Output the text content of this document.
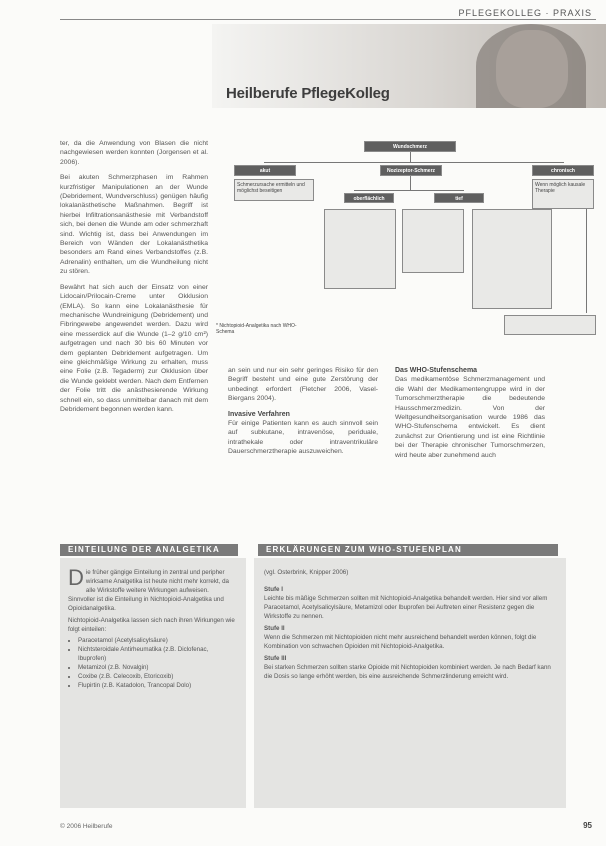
PFLEGEKOLLEG · PRAXIS
Heilberufe PflegeKolleg

ter, da die Anwendung von Blasen die nicht nachgewiesen werden konnten (Jorgensen et al. 2006).

Bei akuten Schmerzphasen im Rahmen kurzfristiger Manipulationen an der Wunde (Debridement, Wundverschluss) genügen häufig lokalanästhetische Maßnahmen. Begriff ist hierbei Infiltrationsanästhesie mit Verbandstoff sich, bei denen die Wunde am oder schmerzhaft sind. Wichtig ist, dass bei Anwendungen im Bereich von Wänden der Lokalanästhetika besonders am Rand eines Verbandstoffes (z.B. Adrenalin) enthalten, um die Wundheilung nicht zu stören.

Bewährt hat sich auch der Einsatz von einer Lidocain/Prilocain-Creme unter Okklusion (EMLA). So kann eine Lokalanästhesie für mechanische Wundreinigung (Debridement) und Fibringewebe angewendet werden. Dazu wird eine messerdick auf die Wunde (1–2 g/10 cm²) aufgetragen und nach 30 bis 60 Minuten vor dem geplanten Debridement aufgetragen. Um eine gleichmäßige Wirkung zu erhalten, muss eine Folie (z.B. Tegaderm) zur Okklusion über die Wunde geklebt werden. Nach dem Entfernen der Folie tritt die anästhesierende Wirkung schnell ein, so dass unmittelbar danach mit dem Debridement begonnen werden kann.

Wundschmerz
akut	Nozizeptor-Schmerz	chronisch
Schmerzursache ermitteln und möglichst beseitigen
Wenn möglich kausale Therapie
oberflächlich	tief
* Nichtopioid-Analgetika nach WHO-Schema

an sein und nur ein sehr geringes Risiko für den Begriff besteht und eine gute Zerstörung der unbedingt erfordert (Fletcher 2006, Vasel-Biergans 2004).

Invasive Verfahren

Für einige Patienten kann es auch sinnvoll sein auf subkutane, intravenöse, periduale, intrathekale oder intraventrikuläre Dauerschmerztherapie auszuweichen.

Das WHO-Stufenschema

Das medikamentöse Schmerzmanagement und die Wahl der Medikamentengruppe wird in der Tumorschmerztherapie die bedeutende Hausschmerzmedizin. Von der Weltgesundheitsorganisation wurde 1986 das WHO-Stufenschema entwickelt. Es dient zunächst zur Orientierung und ist eine Richtlinie bei der Therapie chronischer Tumorschmerzen, wird heute aber zunehmend auch

EINTEILUNG DER ANALGETIKA	ERKLÄRUNGEN ZUM WHO-STUFENPLAN
D ie früher gängige Einteilung in zentral und peripher wirksame Analgetika ist heute nicht mehr korrekt, da alle Wirkstoffe weitere Wirkungen aufweisen. Sinnvoller ist die Einteilung in Nichtopioid-Analgetika und Opioidanalgetika.
Nichtopioid-Analgetika lassen sich nach ihren Wirkungen wie folgt einteilen:
• Paracetamol (Acetylsalicylsäure)
• Nichtsteroidale Antirheumatika (z.B. Diclofenac, Ibuprofen)
• Metamizol (z.B. Novalgin)
• Coxibe (z.B. Celecoxib, Etoricoxib)
• Flupirtin (z.B. Katadolon, Trancopal Dolo)
(vgl. Osterbrink, Knipper 2006)
Stufe I
Leichte bis mäßige Schmerzen sollten mit Nichtopioid-Analgetika behandelt werden. Hier sind vor allem Paracetamol, Acetylsalicylsäure, Metamizol oder Ibuprofen bei Auftreten einer Resistenz gegen die Wirkstoffe zu nennen.
Stufe II
Wenn die Schmerzen mit Nichtopioiden nicht mehr ausreichend behandelt werden können, folgt die Kombination von schwachen Opioiden mit Nichtopioid-Analgetika.
Stufe III
Bei starken Schmerzen sollten starke Opioide mit Nichtopioiden kombiniert werden. Je nach Bedarf kann die Dosis so lange erhöht werden, bis eine ausreichende Schmerzlinderung erreicht wird.
© 2006 Heilberufe	95
